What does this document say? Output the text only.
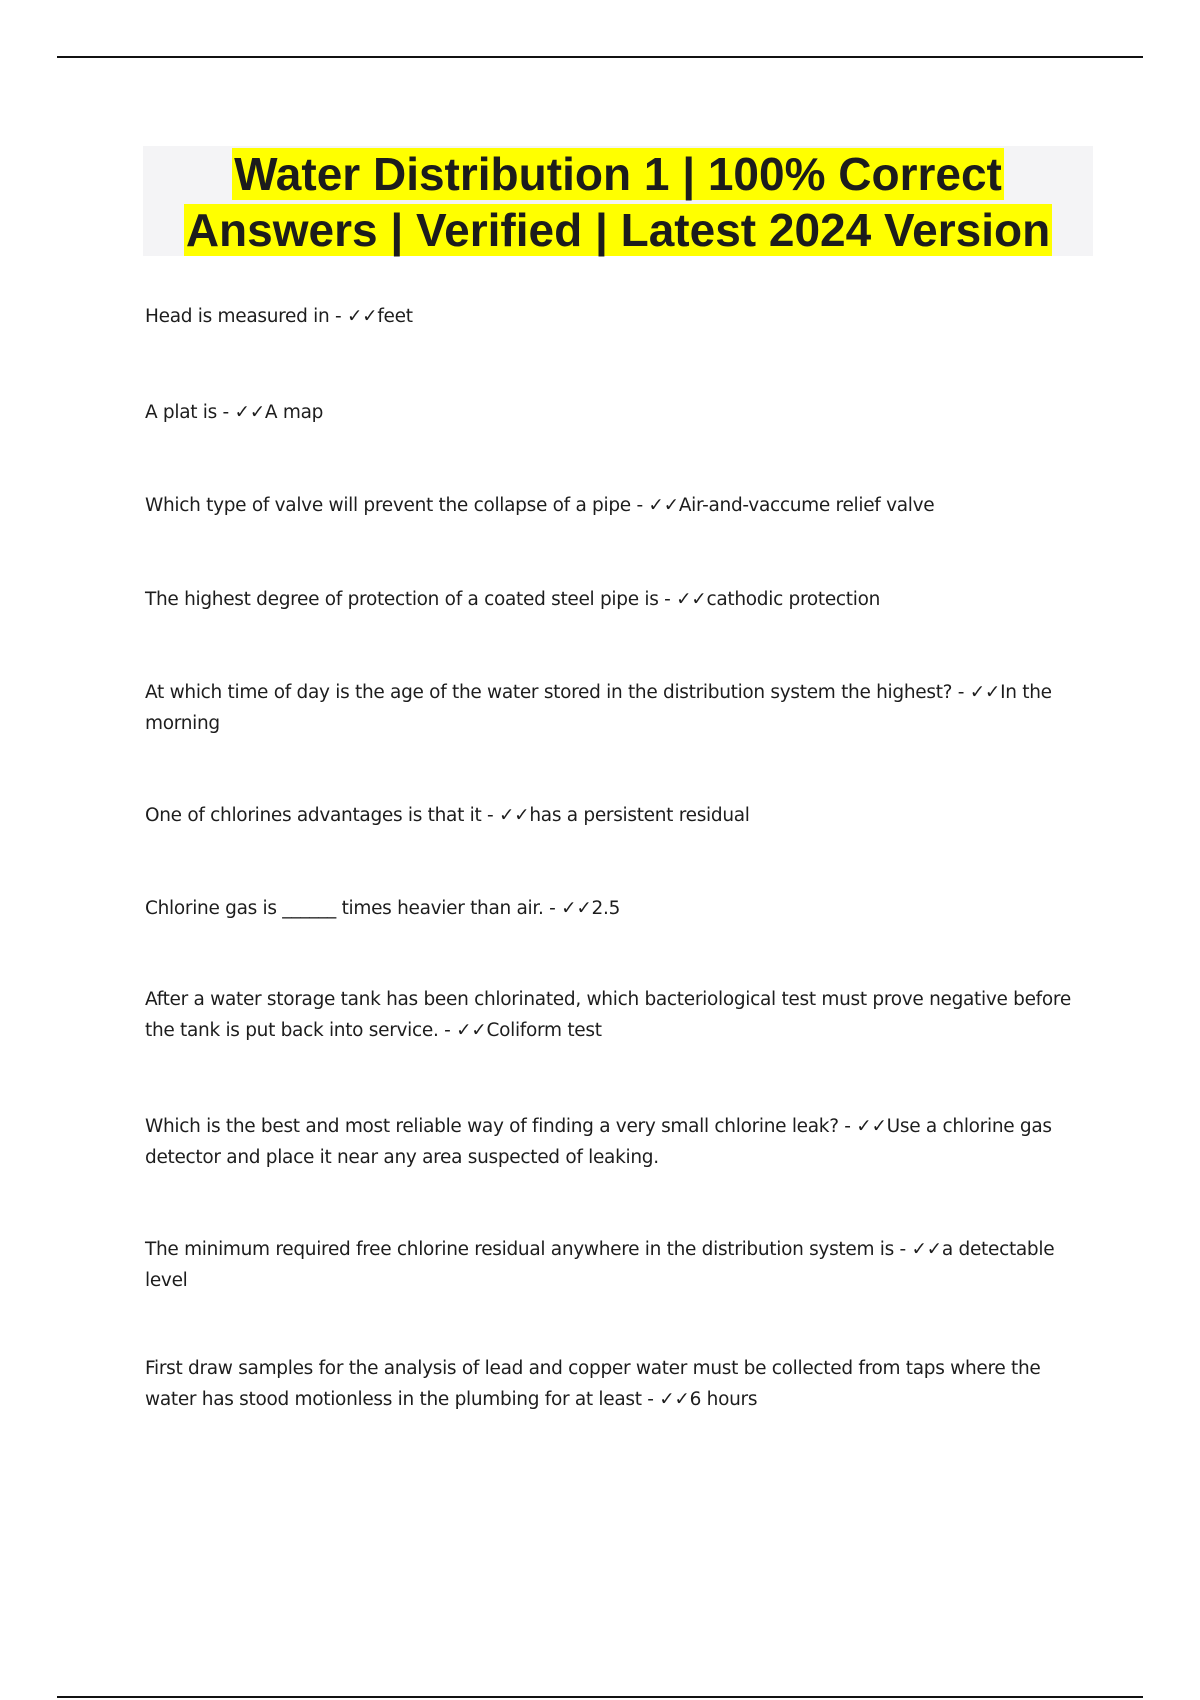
Water Distribution 1 | 100% Correct Answers | Verified | Latest 2024 Version

Head is measured in - ✓✓feet

A plat is - ✓✓A map

Which type of valve will prevent the collapse of a pipe - ✓✓Air-and-vaccume relief valve

The highest degree of protection of a coated steel pipe is - ✓✓cathodic protection

At which time of day is the age of the water stored in the distribution system the highest? - ✓✓In the morning

One of chlorines advantages is that it - ✓✓has a persistent residual

Chlorine gas is ______ times heavier than air. - ✓✓2.5

After a water storage tank has been chlorinated, which bacteriological test must prove negative before the tank is put back into service. - ✓✓Coliform test

Which is the best and most reliable way of finding a very small chlorine leak? - ✓✓Use a chlorine gas detector and place it near any area suspected of leaking.

The minimum required free chlorine residual anywhere in the distribution system is - ✓✓a detectable level

First draw samples for the analysis of lead and copper water must be collected from taps where the water has stood motionless in the plumbing for at least - ✓✓6 hours
